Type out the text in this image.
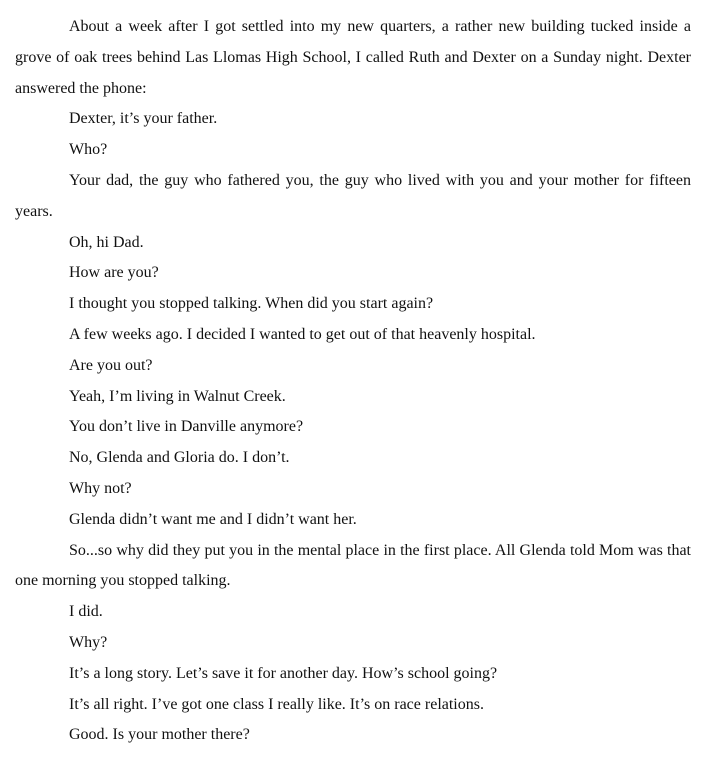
About a week after I got settled into my new quarters, a rather new building tucked inside a grove of oak trees behind Las Llomas High School, I called Ruth and Dexter on a Sunday night. Dexter answered the phone:

Dexter, it’s your father.

Who?

Your dad, the guy who fathered you, the guy who lived with you and your mother for fifteen years.

Oh, hi Dad.

How are you?

I thought you stopped talking. When did you start again?

A few weeks ago. I decided I wanted to get out of that heavenly hospital.

Are you out?

Yeah, I’m living in Walnut Creek.

You don’t live in Danville anymore?

No, Glenda and Gloria do. I don’t.

Why not?

Glenda didn’t want me and I didn’t want her.

So...so why did they put you in the mental place in the first place. All Glenda told Mom was that one morning you stopped talking.

I did.

Why?

It’s a long story. Let’s save it for another day. How’s school going?

It’s all right. I’ve got one class I really like. It’s on race relations.

Good. Is your mother there?
